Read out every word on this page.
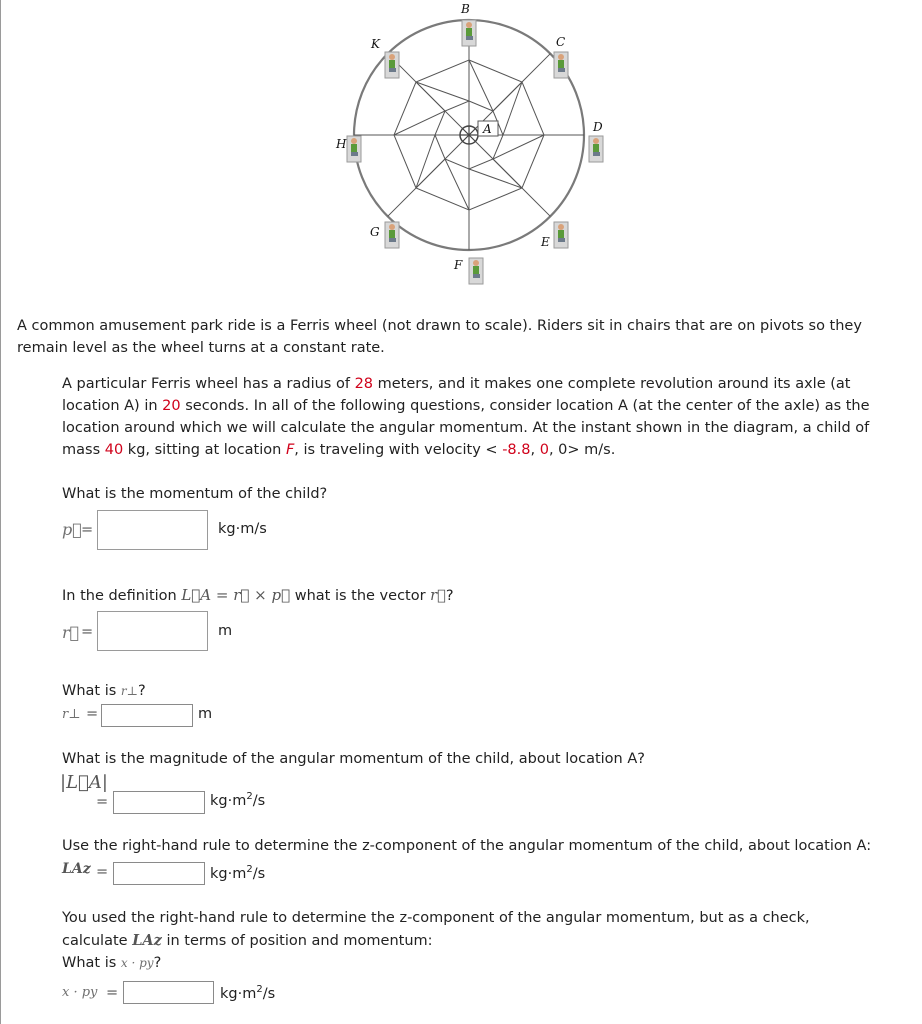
B
K	C
A	D
H
G
E
F
A common amusement park ride is a Ferris wheel (not drawn to scale). Riders sit in chairs that are on pivots so they remain level as the wheel turns at a constant rate.
A particular Ferris wheel has a radius of 28 meters, and it makes one complete revolution around its axle (at location A) in 20 seconds. In all of the following questions, consider location A (at the center of the axle) as the location around which we will calculate the angular momentum. At the instant shown in the diagram, a child of mass 40 kg, sitting at location F, is traveling with velocity < -8.8, 0, 0> m/s.
What is the momentum of the child?
p⃗ =	kg·m/s
In the definition L⃗A = r⃗ × p⃗ what is the vector r⃗?
r⃗ =	m
What is r⊥?
r⊥ =	m
What is the magnitude of the angular momentum of the child, about location A?
|L⃗A|
=	$kg\cdot m^2/s$
Use the right-hand rule to determine the z-component of the angular momentum of the child, about location A:
LAz =	$kg\cdot m^2/s$
You used the right-hand rule to determine the z-component of the angular momentum, but as a check,
calculate LAz in terms of position and momentum:
What is x · py?
x · py =	$kg\cdot m^2/s$
